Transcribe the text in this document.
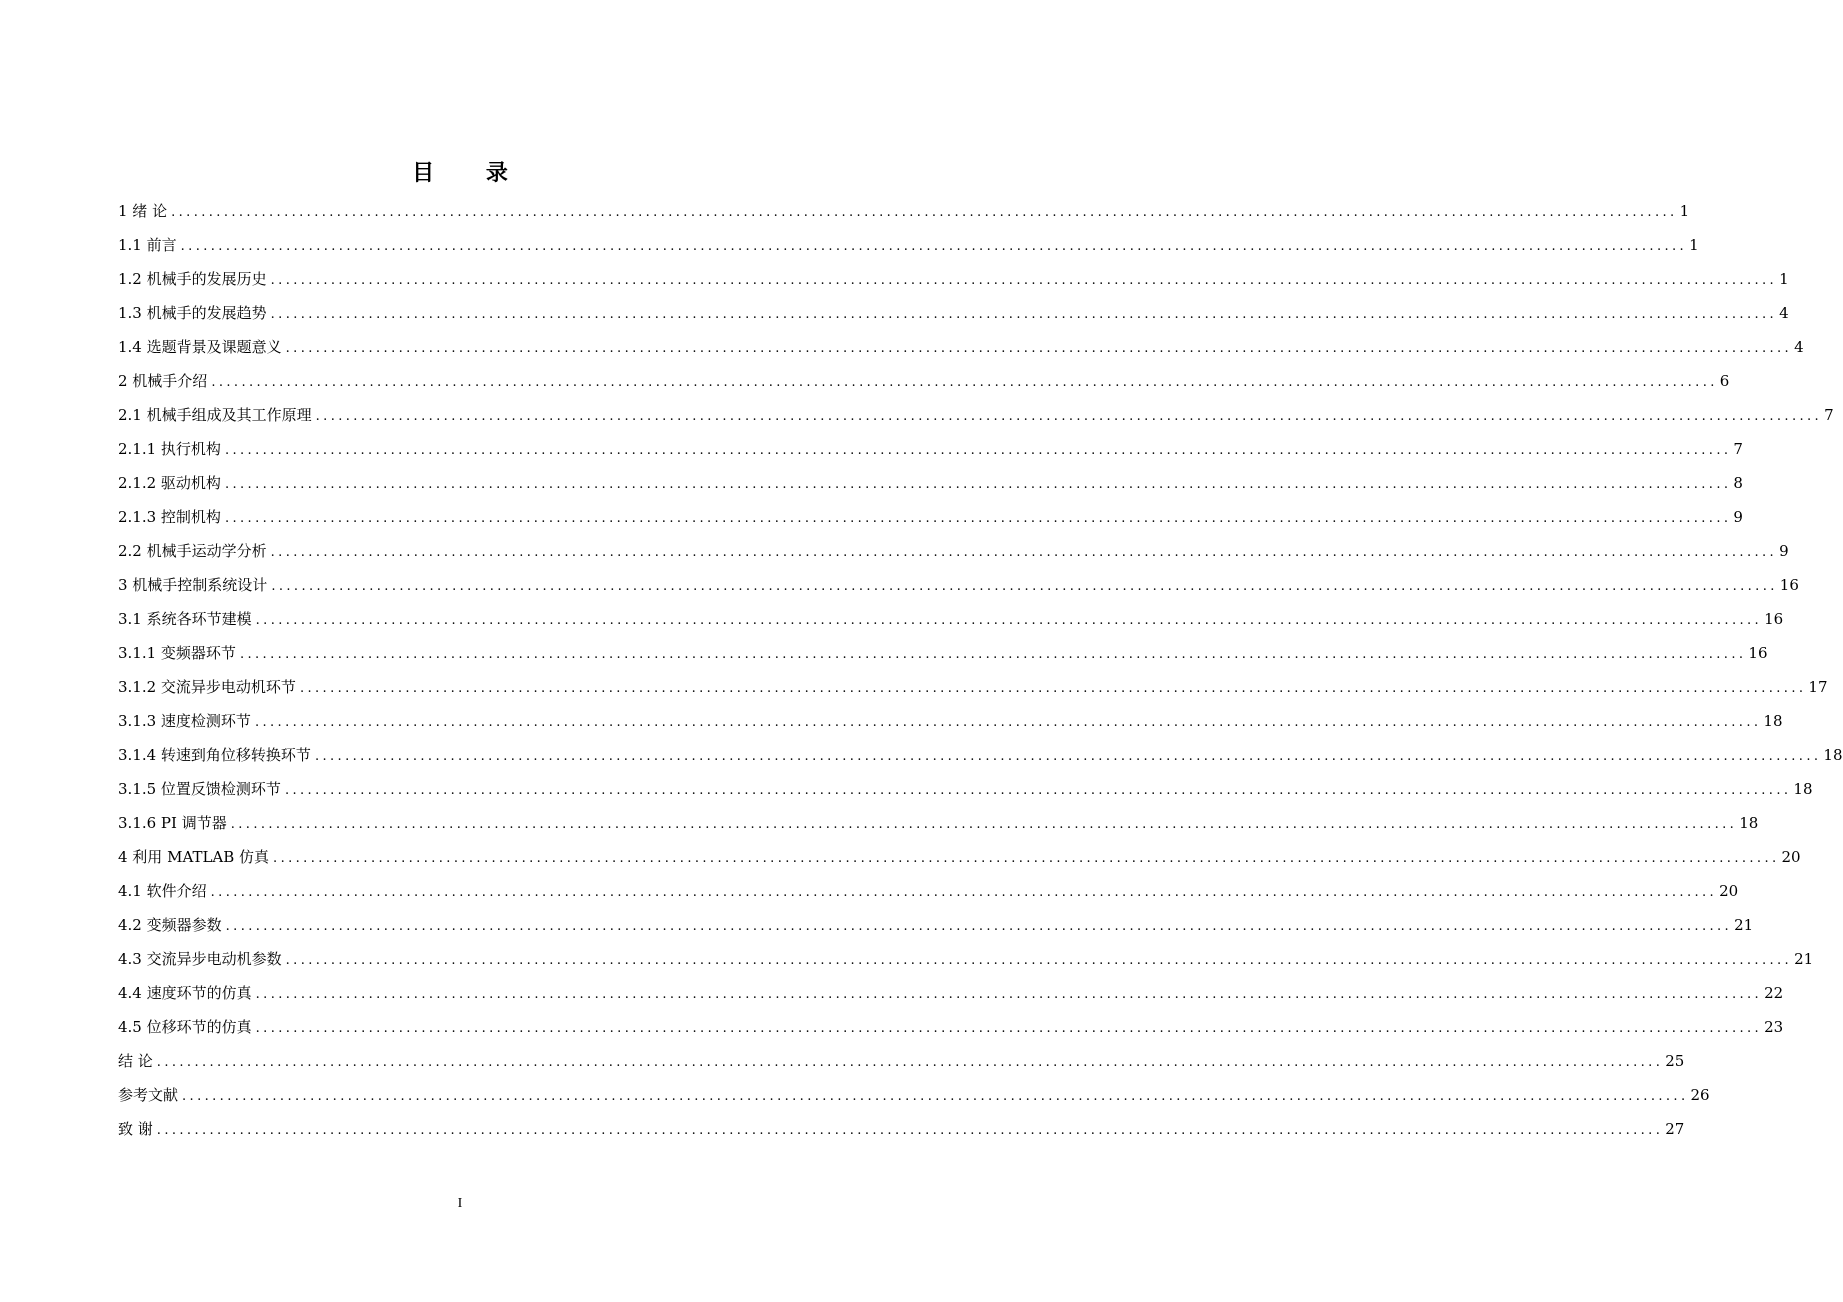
目 录
1 绪 论 ........................................................................................................................................................................................................ 1
1.1 前言 ........................................................................................................................................................................................................ 1
1.2 机械手的发展历史 ........................................................................................................................................................................................................ 1
1.3 机械手的发展趋势 ........................................................................................................................................................................................................ 4
1.4 选题背景及课题意义 ........................................................................................................................................................................................................ 4
2 机械手介绍 ........................................................................................................................................................................................................ 6
2.1 机械手组成及其工作原理 ........................................................................................................................................................................................................ 7
2.1.1 执行机构 ........................................................................................................................................................................................................ 7
2.1.2 驱动机构 ........................................................................................................................................................................................................ 8
2.1.3 控制机构 ........................................................................................................................................................................................................ 9
2.2 机械手运动学分析 ........................................................................................................................................................................................................ 9
3 机械手控制系统设计 ........................................................................................................................................................................................................ 16
3.1 系统各环节建模 ........................................................................................................................................................................................................ 16
3.1.1 变频器环节 ........................................................................................................................................................................................................ 16
3.1.2 交流异步电动机环节 ........................................................................................................................................................................................................ 17
3.1.3 速度检测环节 ........................................................................................................................................................................................................ 18
3.1.4 转速到角位移转换环节 ........................................................................................................................................................................................................ 18
3.1.5 位置反馈检测环节 ........................................................................................................................................................................................................ 18
3.1.6 PI 调节器 ........................................................................................................................................................................................................ 18
4 利用 MATLAB 仿真 ........................................................................................................................................................................................................ 20
4.1 软件介绍 ........................................................................................................................................................................................................ 20
4.2 变频器参数 ........................................................................................................................................................................................................ 21
4.3 交流异步电动机参数 ........................................................................................................................................................................................................ 21
4.4 速度环节的仿真 ........................................................................................................................................................................................................ 22
4.5 位移环节的仿真 ........................................................................................................................................................................................................ 23
结 论 ........................................................................................................................................................................................................ 25
参考文献 ........................................................................................................................................................................................................ 26
致 谢 ........................................................................................................................................................................................................ 27
I
